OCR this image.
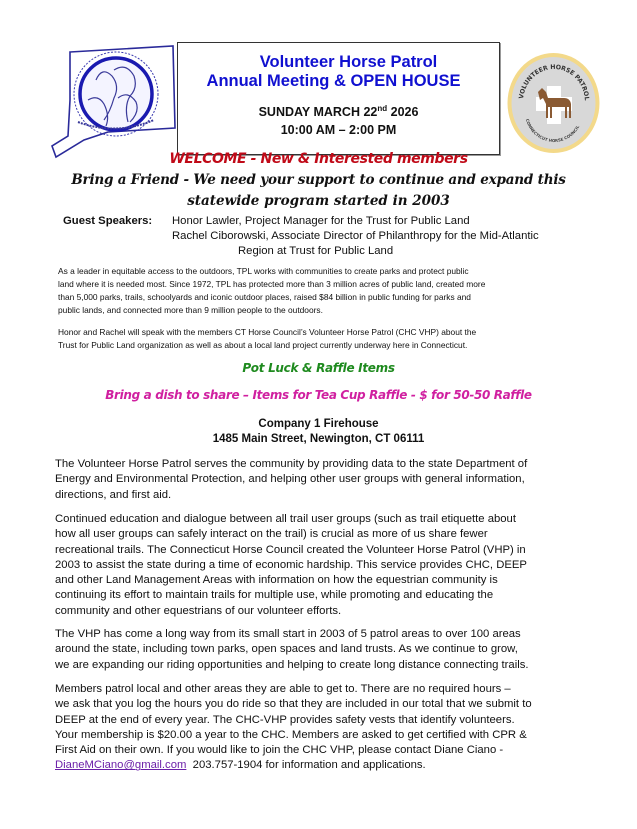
Volunteer Horse Patrol
Annual Meeting & OPEN HOUSE
SUNDAY MARCH 22nd 2026
10:00 AM – 2:00 PM
VOLUNTEER HORSE PATROL
CONNECTICUT HORSE COUNCIL
WELCOME - New & Interested members
Bring a Friend - We need your support to continue and expand this
statewide program started in 2003
Guest Speakers: Honor Lawler, Project Manager for the Trust for Public Land
Rachel Ciborowski, Associate Director of Philanthropy for the Mid-Atlantic
Region at Trust for Public Land
As a leader in equitable access to the outdoors, TPL works with communities to create parks and protect public
land where it is needed most. Since 1972, TPL has protected more than 3 million acres of public land, created more
than 5,000 parks, trails, schoolyards and iconic outdoor places, raised $84 billion in public funding for parks and
public lands, and connected more than 9 million people to the outdoors.
Honor and Rachel will speak with the members CT Horse Council’s Volunteer Horse Patrol (CHC VHP) about the
Trust for Public Land organization as well as about a local land project currently underway here in Connecticut.
Pot Luck & Raffle Items
Bring a dish to share – Items for Tea Cup Raffle - $ for 50-50 Raffle
Company 1 Firehouse
1485 Main Street, Newington, CT 06111
The Volunteer Horse Patrol serves the community by providing data to the state Department of
Energy and Environmental Protection, and helping other user groups with general information,
directions, and first aid.
Continued education and dialogue between all trail user groups (such as trail etiquette about
how all user groups can safely interact on the trail) is crucial as more of us share fewer
recreational trails. The Connecticut Horse Council created the Volunteer Horse Patrol (VHP) in
2003 to assist the state during a time of economic hardship. This service provides CHC, DEEP
and other Land Management Areas with information on how the equestrian community is
continuing its effort to maintain trails for multiple use, while promoting and educating the
community and other equestrians of our volunteer efforts.
The VHP has come a long way from its small start in 2003 of 5 patrol areas to over 100 areas
around the state, including town parks, open spaces and land trusts. As we continue to grow,
we are expanding our riding opportunities and helping to create long distance connecting trails.
Members patrol local and other areas they are able to get to. There are no required hours –
we ask that you log the hours you do ride so that they are included in our total that we submit to
DEEP at the end of every year. The CHC-VHP provides safety vests that identify volunteers.
Your membership is $20.00 a year to the CHC. Members are asked to get certified with CPR &
First Aid on their own. If you would like to join the CHC VHP, please contact Diane Ciano -
DianeMCiano@gmail.com  203.757-1904 for information and applications.
